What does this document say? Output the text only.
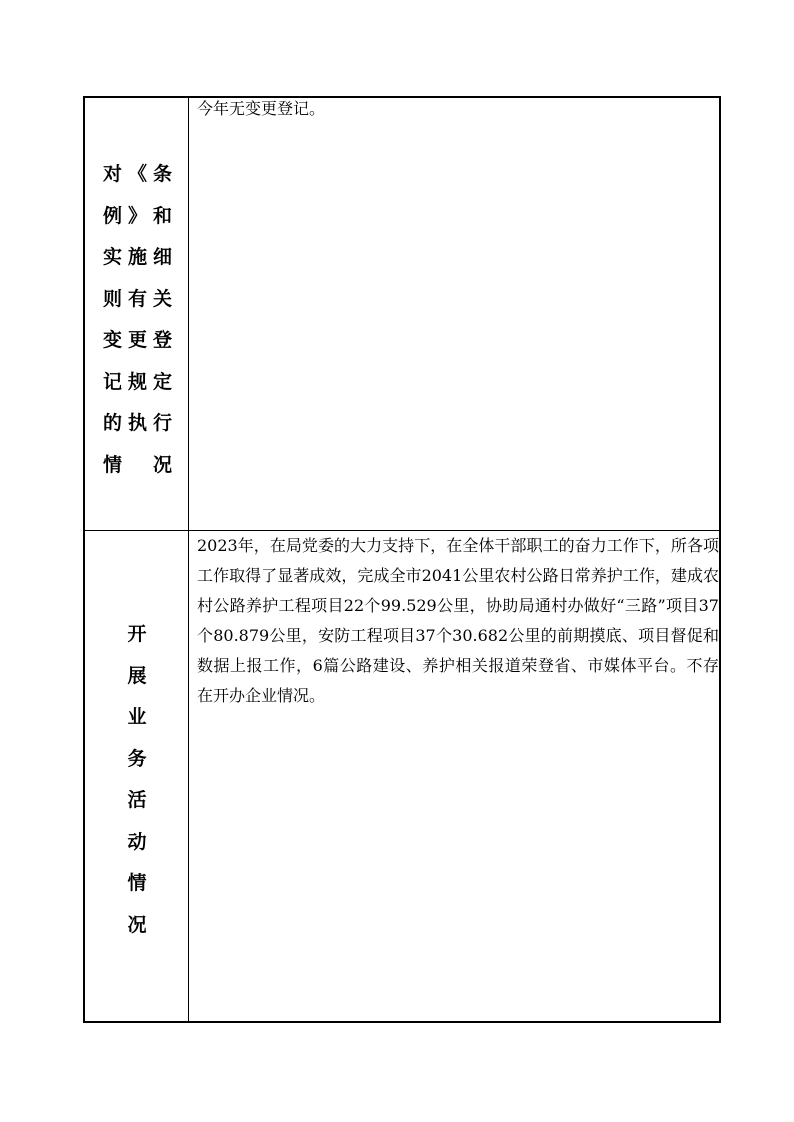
对《条
例》和
实施细
则有关
变更登
记规定
的执行
情　况
今年无变更登记。
开展业务活动情况
2023年，在局党委的大力支持下，在全体干部职工的奋力工作下，所各项工作取得了显著成效，完成全市2041公里农村公路日常养护工作，建成农村公路养护工程项目22个99.529公里，协助局通村办做好“三路”项目37个80.879公里，安防工程项目37个30.682公里的前期摸底、项目督促和数据上报工作，6篇公路建设、养护相关报道荣登省、市媒体平台。不存在开办企业情况。
